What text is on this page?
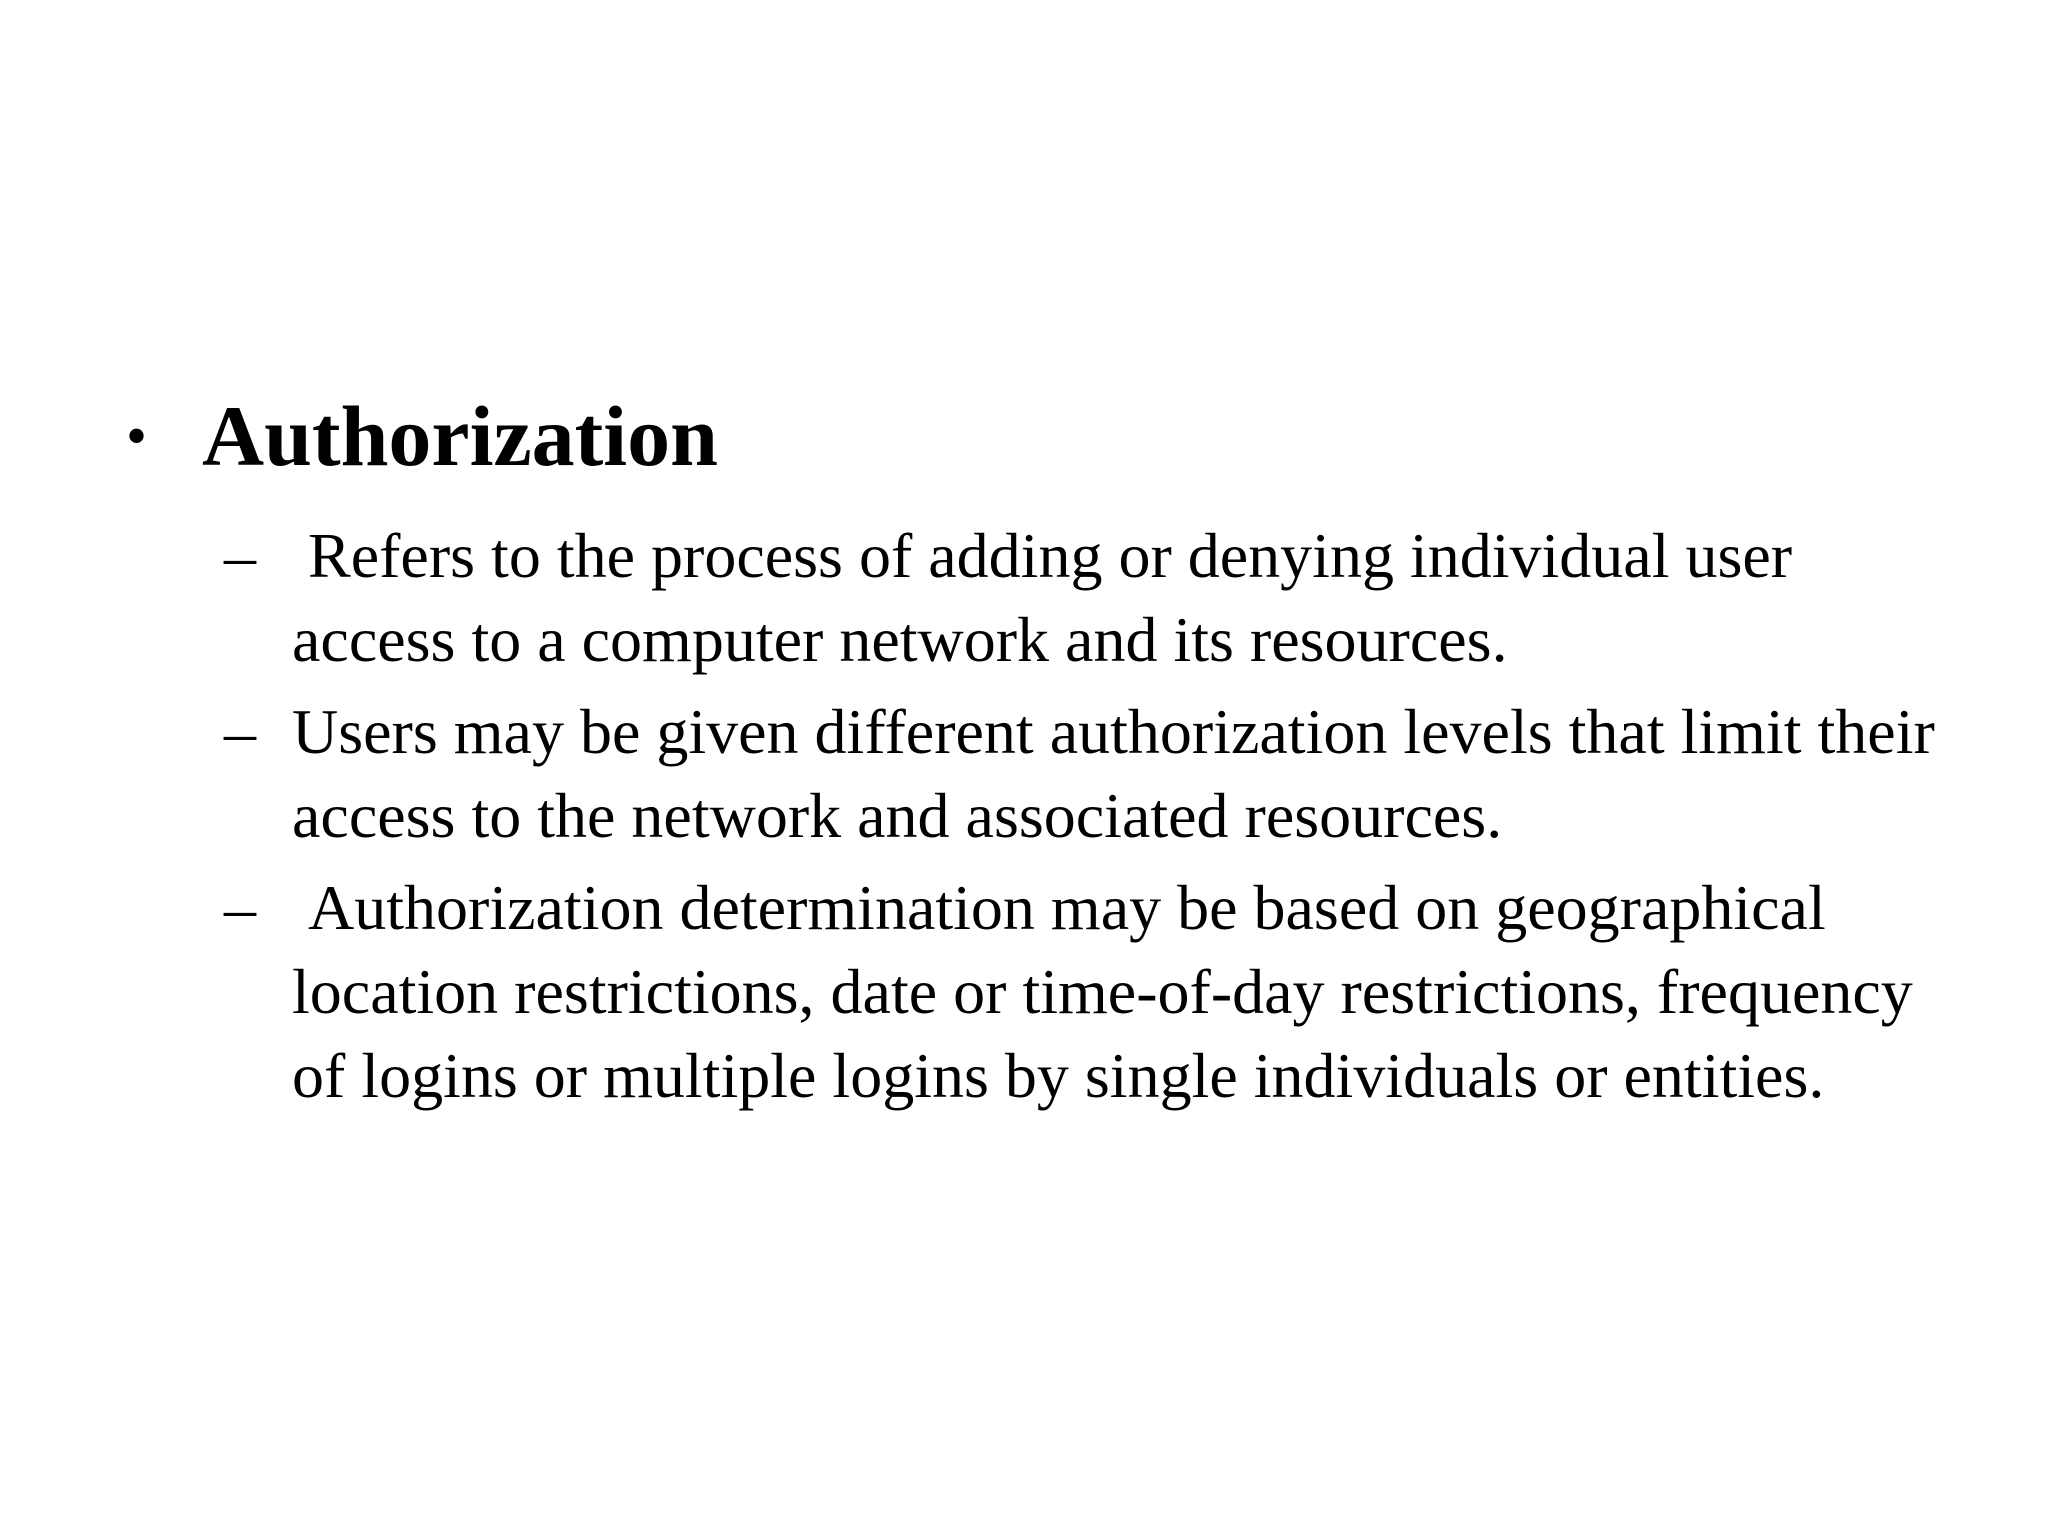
• Authorization
– Refers to the process of adding or denying individual user access to a computer network and its resources.
– Users may be given different authorization levels that limit their access to the network and associated resources.
– Authorization determination may be based on geographical location restrictions, date or time-of-day restrictions, frequency of logins or multiple logins by single individuals or entities.
